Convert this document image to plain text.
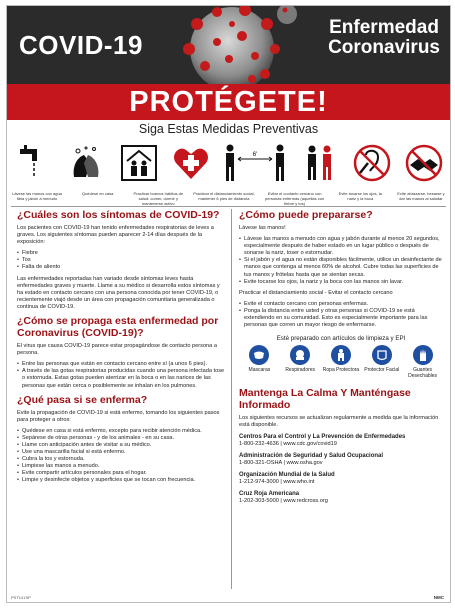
COVID-19
Enfermedad
Coronavirus
PROTÉGETE!
Siga Estas Medidas Preventivas
6'
Lávese las manos con agua tibia y jabón a menudo
Quédese en casa	Practicar buenos hábitos de salud: comer, dormir y mantenerse activo
Practicar el distanciamiento social, mantener 6 pies de distancia
Evitar el contacto cercano con personas enfermas (aquellas con fiebre y tos)
Evite tocarse los ojos, la nariz y la boca
Evite abrazarse, besarse y dar las manos al saludar
¿Cuáles son los síntomas de COVID-19?
Los pacientes con COVID-19 han tenido enfermedades respiratorias de leves a graves. Los siguientes síntomas pueden aparecer 2-14 días después de la exposición:
• Fiebre
• Tos
• Falta de aliento
Las enfermedades reportadas han variado desde síntomas leves hasta enfermedades graves y muerte. Llame a su médico si desarrolla estos síntomas y ha estado en contacto cercano con una persona conocida por tener COVID-19, o recientemente viajó desde un área con propagación comunitaria generalizada o continua de COVID-19.
¿Cómo se propaga esta enfermedad por Coronavirus (COVID-19)?
El virus que causa COVID-19 parece estar propagándose de contacto persona a persona.
• Entre las personas que están en contacto cercano entre sí (a unos 6 pies).
• A través de las gotas respiratorias producidas cuando una persona infectada tose o estornuda. Estas gotas pueden aterrizar en la boca o en las narices de las personas que están cerca o posiblemente se inhalan en los pulmones.
¿Qué pasa si se enferma?
Evite la propagación de COVID-19 si está enfermo, tomando los siguientes pasos para proteger a otros:
• Quédese en casa si está enfermo, excepto para recibir atención médica.
• Sepárese de otras personas - y de los animales - en su casa.
• Llame con anticipación antes de visitar a su médico.
• Use una mascarilla facial si está enfermo.
• Cubra la tos y estornuda.
• Limpiese las manos a menudo.
• Evite compartir artículos personales para el hogar.
• Limpie y desinfecte objetos y superficies que se tocan con frecuencia.
¿Cómo puede prepararse?
Lávese las manos!
• Lávese las manos a menudo con agua y jabón durante al menos 20 segundos, especialmente después de haber estado en un lugar público o después de sonarse la nariz, toser o estornudar.
• Si el jabón y el agua no están disponibles fácilmente, utilice un desinfectante de manos que contenga al menos 60% de alcohol. Cubre todas las superficies de tus manos y frótelas hasta que se sientan secas.
• Evite tocarse los ojos, la nariz y la boca con las manos sin lavar.
Practicar el distanciamiento social - Evitar el contacto cercano
• Evite el contacto cercano con personas enfermas.
• Ponga la distancia entre usted y otras personas si COVID-19 se está extendiendo en su comunidad. Esto es especialmente importante para las personas que corren un mayor riesgo de enfermarse.
Esté preparado con artículos de limpieza y EPI
Mascaras	Respiradores	Ropa Protectora Protector Facial	Guantes Desechables
Mantenga La Calma Y Manténgase Informado
Los siguientes recursos se actualizan regularmente a medida que la información está disponible.
Centros Para el Control y La Prevención de Enfermedades
1-800-232-4636 | www.cdc.gov/covid19
Administración de Seguridad y Salud Ocupacional
1-800-321-OSHA | www.osha.gov
Organización Mundial de la Salud
1-212-974-3000 | www.who.int
Cruz Roja Americana
1-202-303-5000 | www.redcross.org
PST141SP	NMC
